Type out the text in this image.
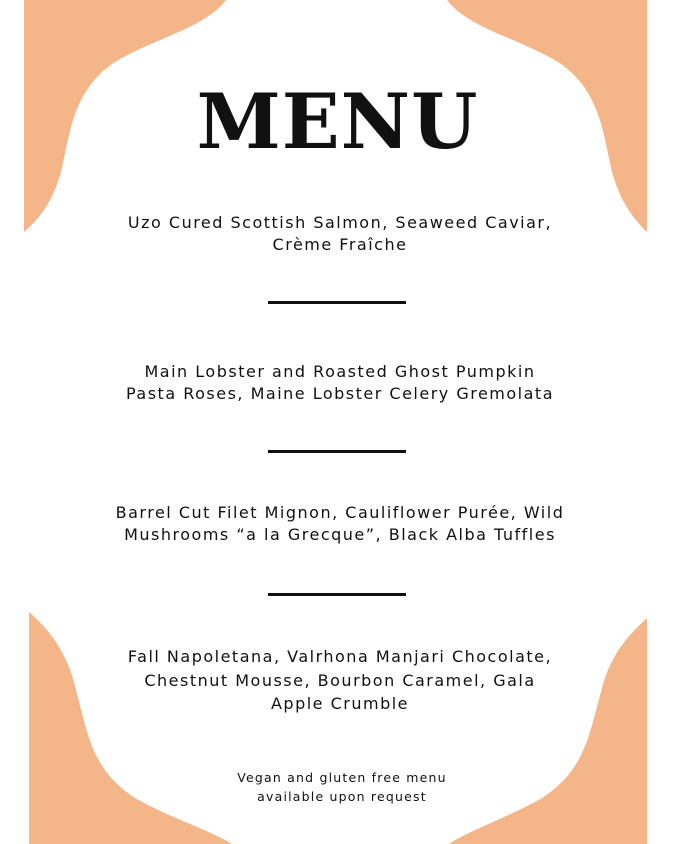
MENU
Uzo Cured Scottish Salmon, Seaweed Caviar,
Crème Fraîche
Main Lobster and Roasted Ghost Pumpkin
Pasta Roses, Maine Lobster Celery Gremolata
Barrel Cut Filet Mignon, Cauliflower Purée, Wild
Mushrooms “a la Grecque”, Black Alba Tuffles
Fall Napoletana, Valrhona Manjari Chocolate,
Chestnut Mousse, Bourbon Caramel, Gala
Apple Crumble
Vegan and gluten free menu
available upon request
